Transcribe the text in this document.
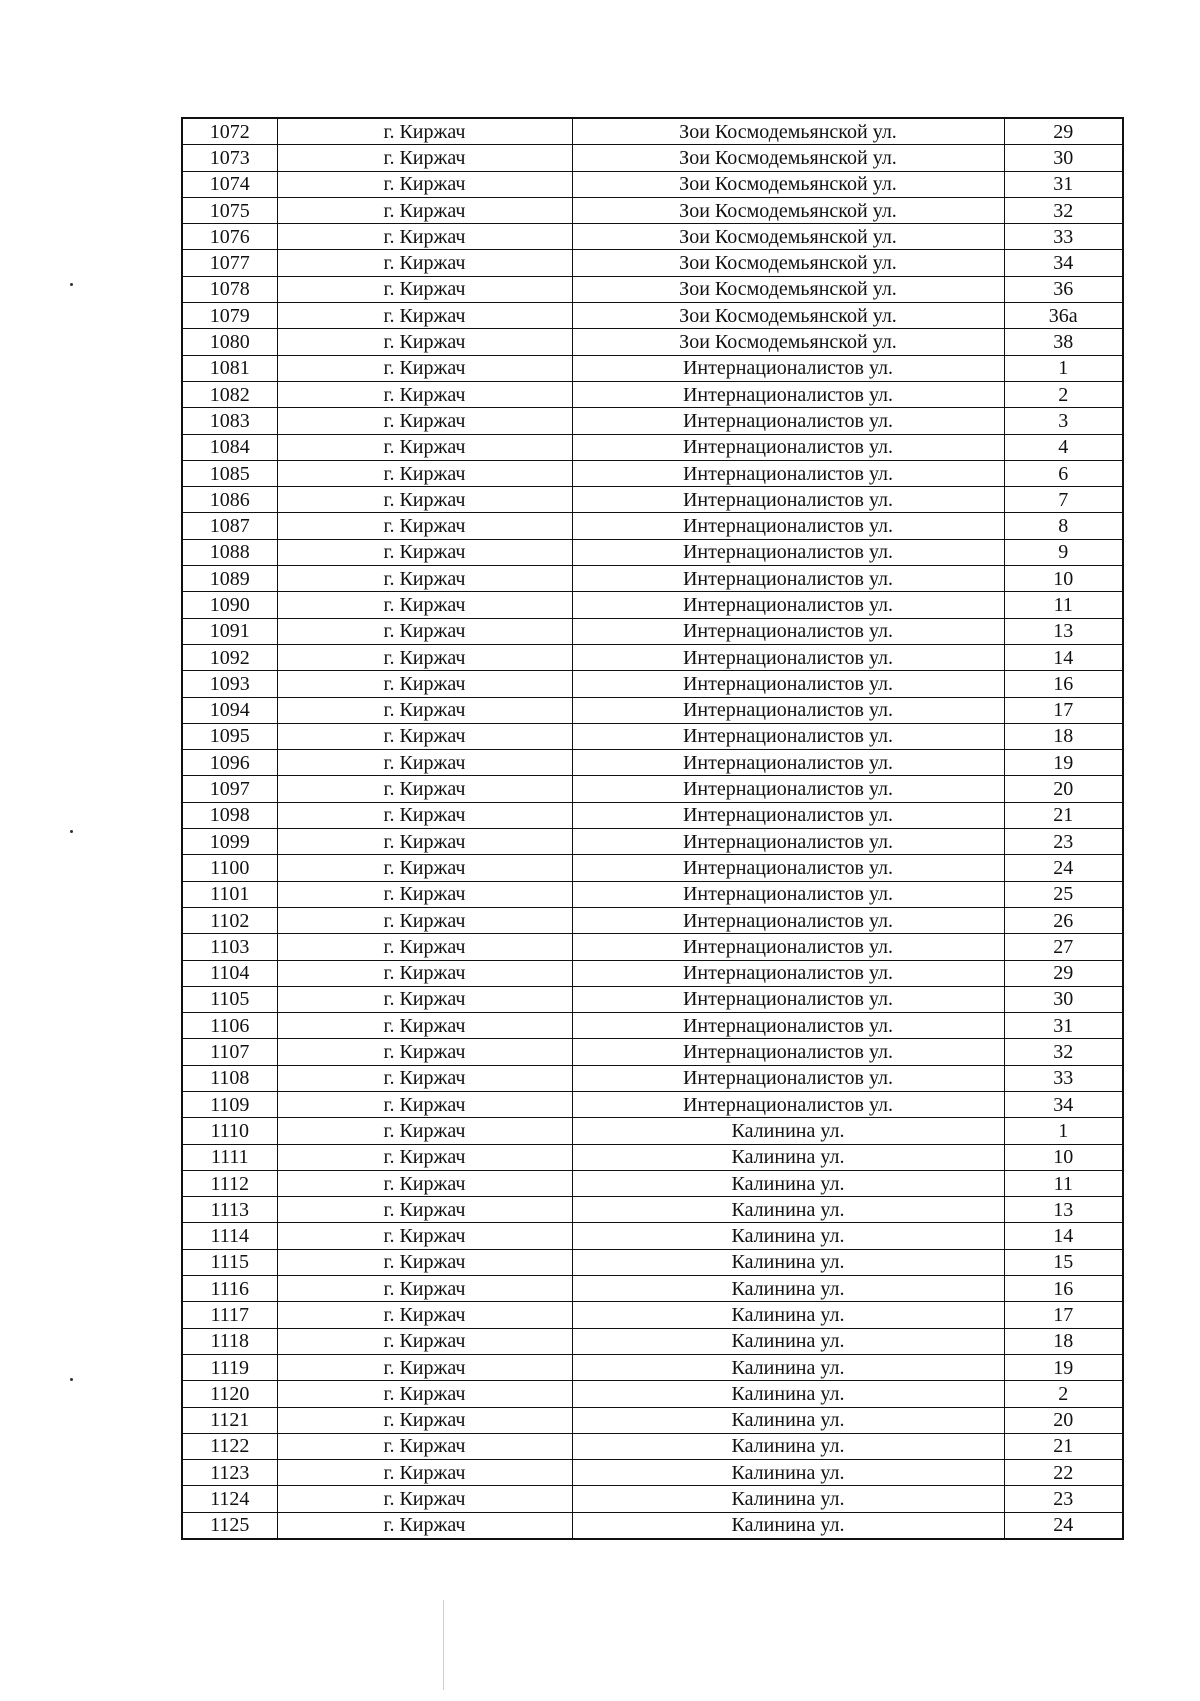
1072	г. Киржач	Зои Космодемьянской ул.	29
1073	г. Киржач	Зои Космодемьянской ул.	30
1074	г. Киржач	Зои Космодемьянской ул.	31
1075	г. Киржач	Зои Космодемьянской ул.	32
1076	г. Киржач	Зои Космодемьянской ул.	33
1077	г. Киржач	Зои Космодемьянской ул.	34
1078	г. Киржач	Зои Космодемьянской ул.	36
1079	г. Киржач	Зои Космодемьянской ул.	36а
1080	г. Киржач	Зои Космодемьянской ул.	38
1081	г. Киржач	Интернационалистов ул.	1
1082	г. Киржач	Интернационалистов ул.	2
1083	г. Киржач	Интернационалистов ул.	3
1084	г. Киржач	Интернационалистов ул.	4
1085	г. Киржач	Интернационалистов ул.	6
1086	г. Киржач	Интернационалистов ул.	7
1087	г. Киржач	Интернационалистов ул.	8
1088	г. Киржач	Интернационалистов ул.	9
1089	г. Киржач	Интернационалистов ул.	10
1090	г. Киржач	Интернационалистов ул.	11
1091	г. Киржач	Интернационалистов ул.	13
1092	г. Киржач	Интернационалистов ул.	14
1093	г. Киржач	Интернационалистов ул.	16
1094	г. Киржач	Интернационалистов ул.	17
1095	г. Киржач	Интернационалистов ул.	18
1096	г. Киржач	Интернационалистов ул.	19
1097	г. Киржач	Интернационалистов ул.	20
1098	г. Киржач	Интернационалистов ул.	21
1099	г. Киржач	Интернационалистов ул.	23
1100	г. Киржач	Интернационалистов ул.	24
1101	г. Киржач	Интернационалистов ул.	25
1102	г. Киржач	Интернационалистов ул.	26
1103	г. Киржач	Интернационалистов ул.	27
1104	г. Киржач	Интернационалистов ул.	29
1105	г. Киржач	Интернационалистов ул.	30
1106	г. Киржач	Интернационалистов ул.	31
1107	г. Киржач	Интернационалистов ул.	32
1108	г. Киржач	Интернационалистов ул.	33
1109	г. Киржач	Интернационалистов ул.	34
1110	г. Киржач	Калинина ул.	1
1111	г. Киржач	Калинина ул.	10
1112	г. Киржач	Калинина ул.	11
1113	г. Киржач	Калинина ул.	13
1114	г. Киржач	Калинина ул.	14
1115	г. Киржач	Калинина ул.	15
1116	г. Киржач	Калинина ул.	16
1117	г. Киржач	Калинина ул.	17
1118	г. Киржач	Калинина ул.	18
1119	г. Киржач	Калинина ул.	19
1120	г. Киржач	Калинина ул.	2
1121	г. Киржач	Калинина ул.	20
1122	г. Киржач	Калинина ул.	21
1123	г. Киржач	Калинина ул.	22
1124	г. Киржач	Калинина ул.	23
1125	г. Киржач	Калинина ул.	24
